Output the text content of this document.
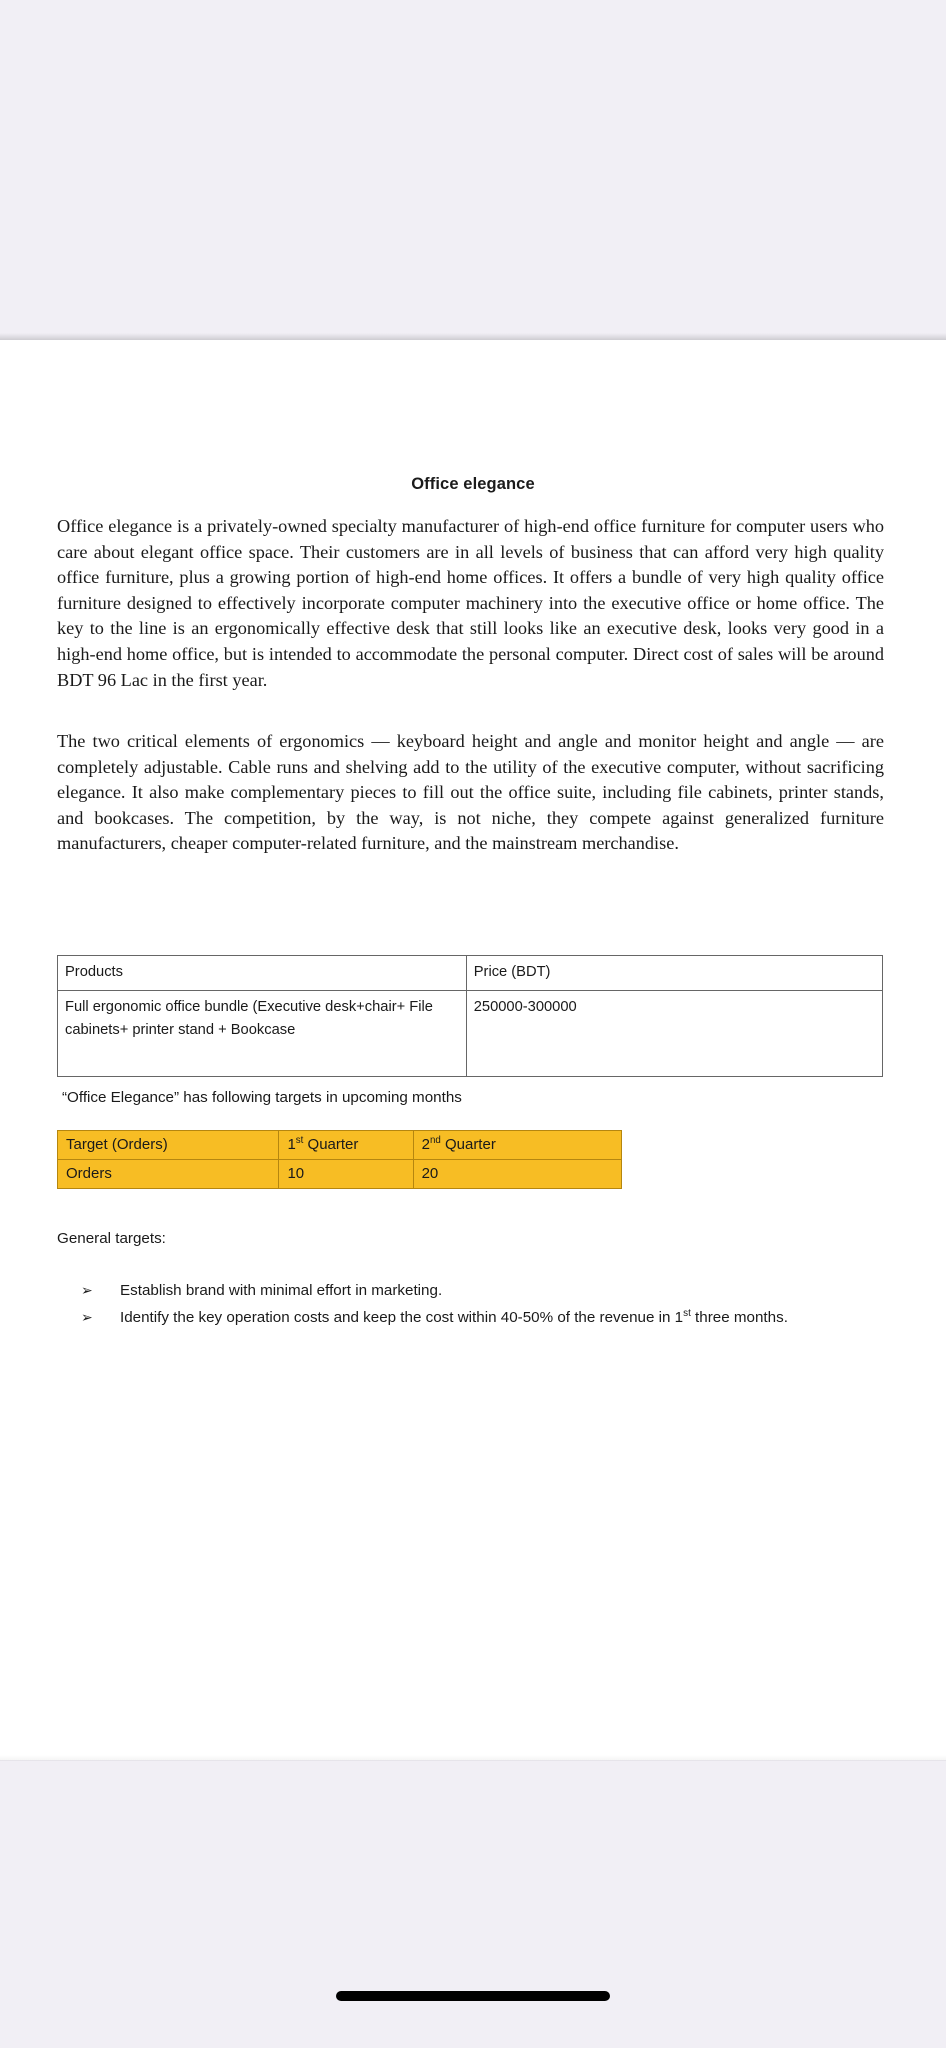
Office elegance

Office elegance is a privately-owned specialty manufacturer of high-end office furniture for computer users who care about elegant office space. Their customers are in all levels of business that can afford very high quality office furniture, plus a growing portion of high-end home offices. It offers a bundle of very high quality office furniture designed to effectively incorporate computer machinery into the executive office or home office. The key to the line is an ergonomically effective desk that still looks like an executive desk, looks very good in a high-end home office, but is intended to accommodate the personal computer. Direct cost of sales will be around BDT 96 Lac in the first year.

The two critical elements of ergonomics — keyboard height and angle and monitor height and angle — are completely adjustable. Cable runs and shelving add to the utility of the executive computer, without sacrificing elegance. It also make complementary pieces to fill out the office suite, including file cabinets, printer stands, and bookcases. The competition, by the way, is not niche, they compete against generalized furniture manufacturers, cheaper computer-related furniture, and the mainstream merchandise.

Products	Price (BDT)
Full ergonomic office bundle (Executive desk+chair+ File cabinets+ printer stand + Bookcase	250000-300000
“Office Elegance” has following targets in upcoming months
Target (Orders)	1st Quarter	2nd Quarter
Orders	10	20
General targets:
➢ Establish brand with minimal effort in marketing.
➢ Identify the key operation costs and keep the cost within 40-50% of the revenue in 1st three months.
